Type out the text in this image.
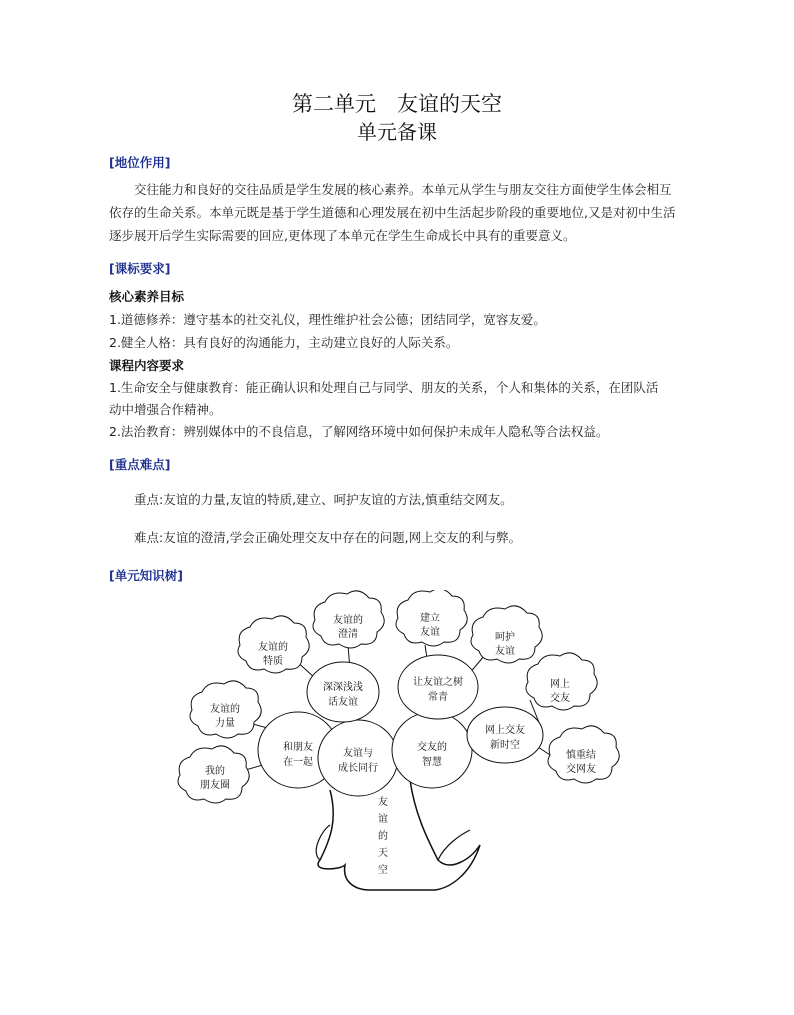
第二单元　友谊的天空
单元备课
[地位作用]
交往能力和良好的交往品质是学生发展的核心素养。本单元从学生与朋友交往方面使学生体会相互
依存的生命关系。本单元既是基于学生道德和心理发展在初中生活起步阶段的重要地位,又是对初中生活
逐步展开后学生实际需要的回应,更体现了本单元在学生生命成长中具有的重要意义。
[课标要求]
核心素养目标
1.道德修养：遵守基本的社交礼仪，理性维护社会公德；团结同学，宽容友爱。
2.健全人格：具有良好的沟通能力，主动建立良好的人际关系。
课程内容要求
1.生命安全与健康教育：能正确认识和处理自己与同学、朋友的关系，个人和集体的关系，在团队活
动中增强合作精神。
2.法治教育：辨别媒体中的不良信息，了解网络环境中如何保护未成年人隐私等合法权益。
[重点难点]
重点:友谊的力量,友谊的特质,建立、呵护友谊的方法,慎重结交网友。
难点:友谊的澄清,学会正确处理交友中存在的问题,网上交友的利与弊。
[单元知识树]
我的
朋友圈
友谊的
力量
友谊的
特质
友谊的
澄清
建立
友谊	呵护
友谊
网上
交友
慎重结
交网友
和朋友
在一起
友谊与
成长同行
交友的
智慧
深深浅浅
话友谊
让友谊之树
常青
网上交友
新时空
友
谊
的
天
空
